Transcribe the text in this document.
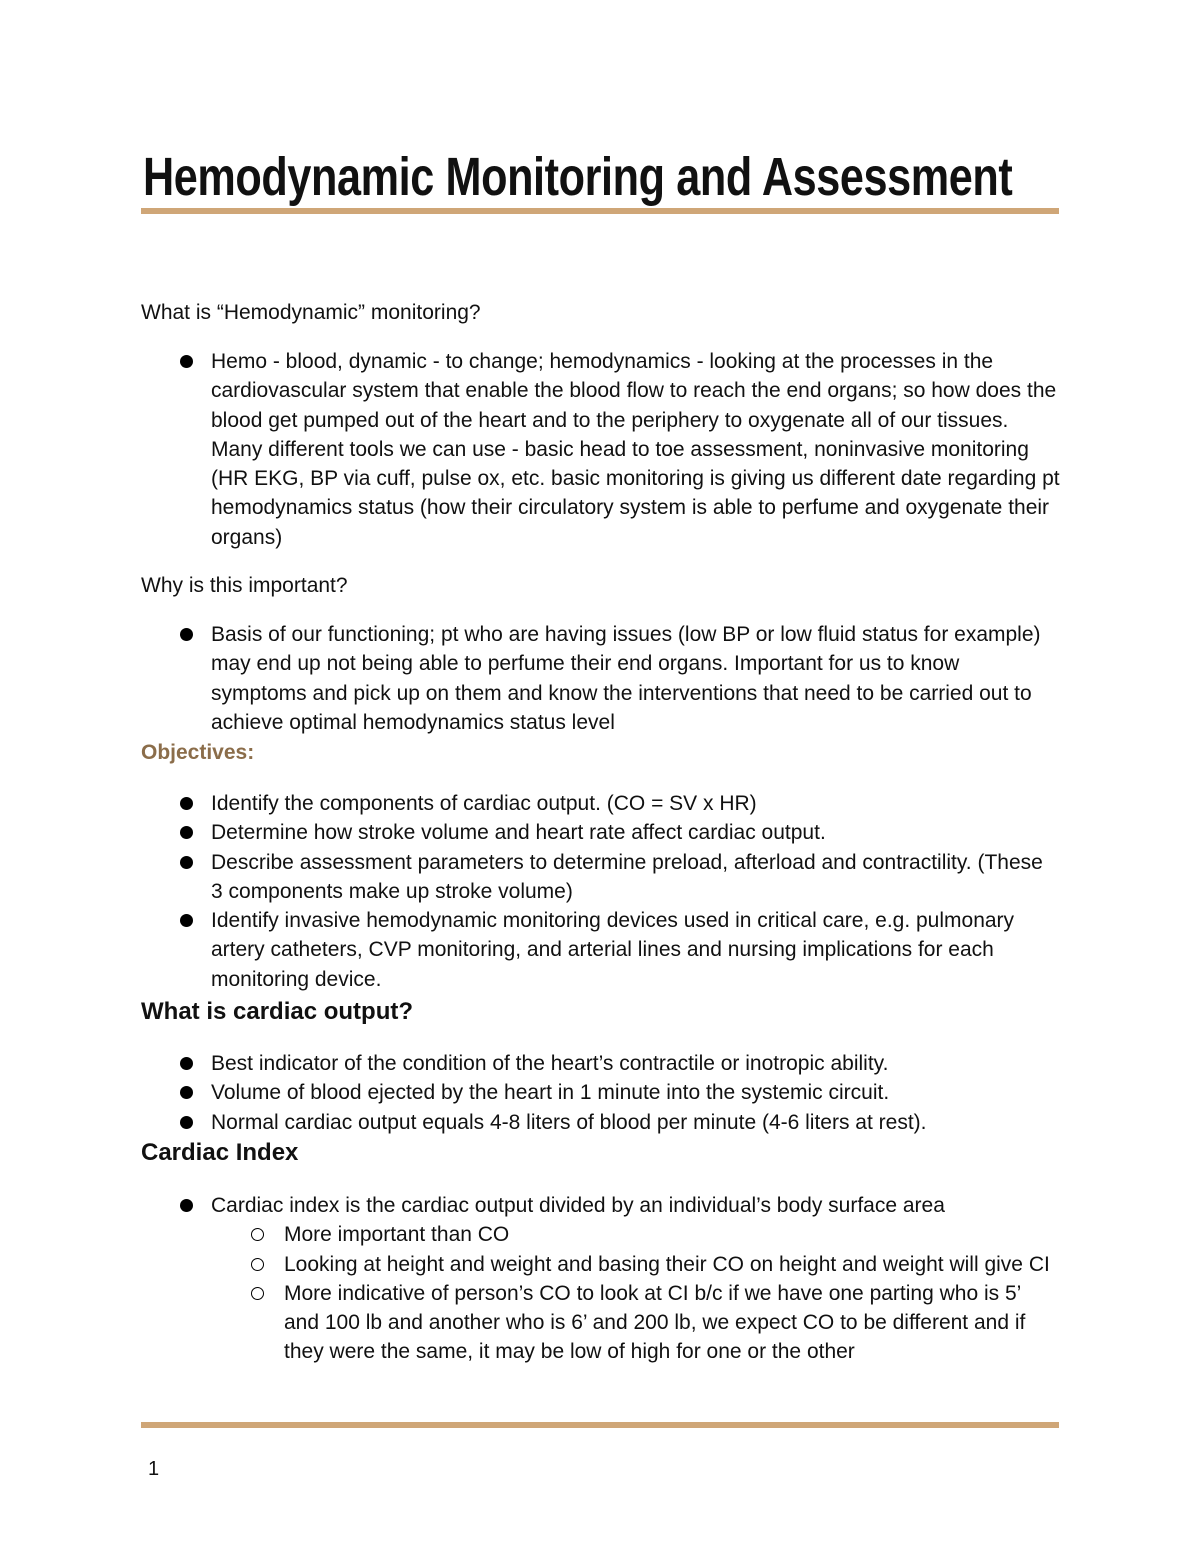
Hemodynamic Monitoring and Assessment
What is “Hemodynamic” monitoring?
Hemo - blood, dynamic - to change; hemodynamics - looking at the processes in the cardiovascular system that enable the blood flow to reach the end organs; so how does the blood get pumped out of the heart and to the periphery to oxygenate all of our tissues. Many different tools we can use - basic head to toe assessment, noninvasive monitoring (HR EKG, BP via cuff, pulse ox, etc. basic monitoring is giving us different date regarding pt hemodynamics status (how their circulatory system is able to perfume and oxygenate their organs)
Why is this important?
Basis of our functioning; pt who are having issues (low BP or low fluid status for example) may end up not being able to perfume their end organs. Important for us to know symptoms and pick up on them and know the interventions that need to be carried out to achieve optimal hemodynamics status level
Objectives:
Identify the components of cardiac output. (CO = SV x HR)
Determine how stroke volume and heart rate affect cardiac output.
Describe assessment parameters to determine preload, afterload and contractility. (These 3 components make up stroke volume)
Identify invasive hemodynamic monitoring devices used in critical care, e.g. pulmonary artery catheters, CVP monitoring, and arterial lines and nursing implications for each monitoring device.
What is cardiac output?
Best indicator of the condition of the heart’s contractile or inotropic ability.
Volume of blood ejected by the heart in 1 minute into the systemic circuit.
Normal cardiac output equals 4-8 liters of blood per minute (4-6 liters at rest).
Cardiac Index
Cardiac index is the cardiac output divided by an individual’s body surface area
More important than CO
Looking at height and weight and basing their CO on height and weight will give CI
More indicative of person’s CO to look at CI b/c if we have one parting who is 5’ and 100 lb and another who is 6’ and 200 lb, we expect CO to be different and if they were the same, it may be low of high for one or the other
1
